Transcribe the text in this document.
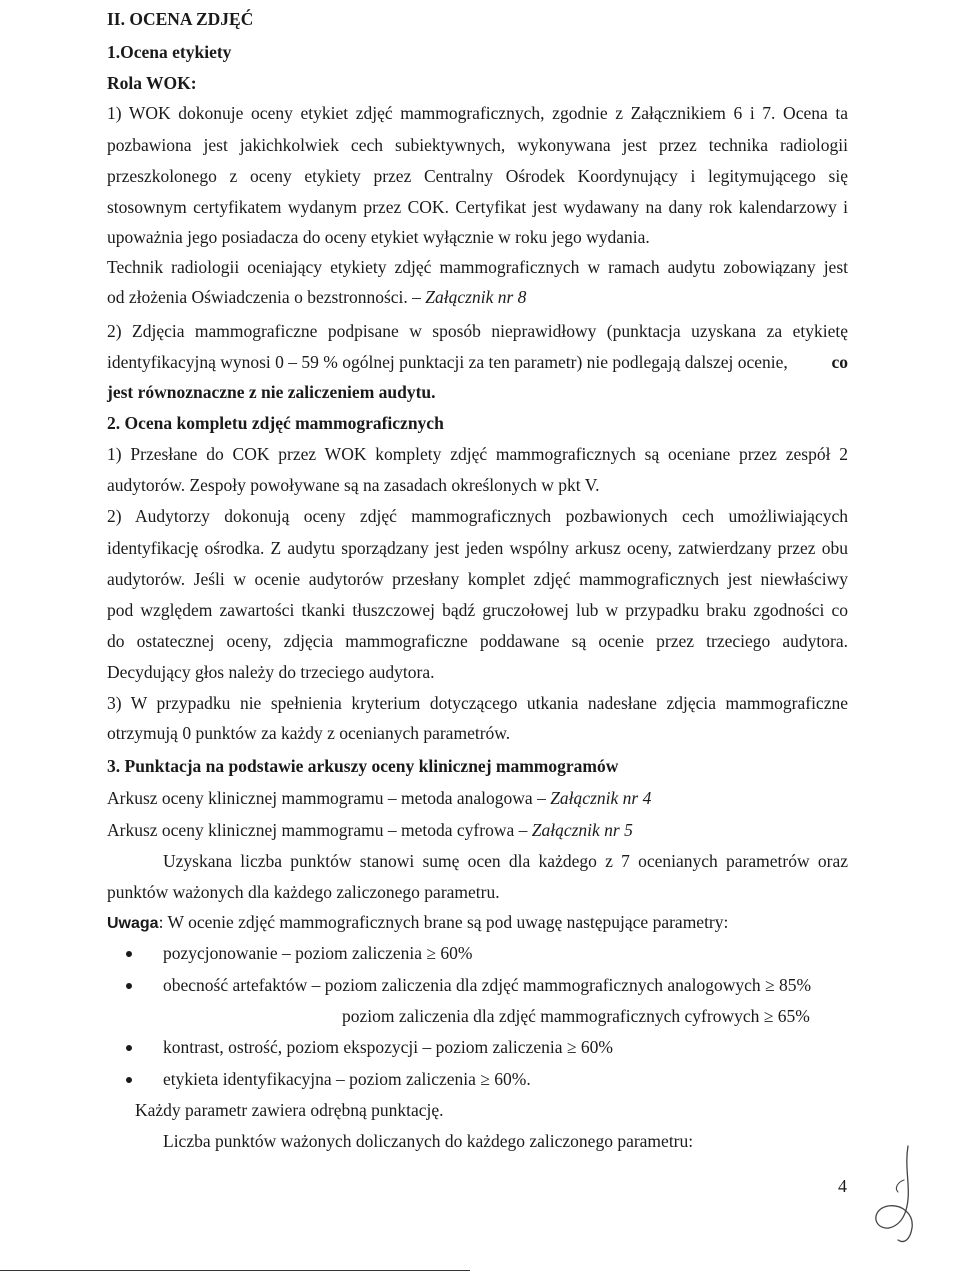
II. OCENA ZDJĘĆ
1.Ocena etykiety
Rola WOK:
1) WOK dokonuje oceny etykiet zdjęć mammograficznych, zgodnie z Załącznikiem 6 i 7. Ocena ta
pozbawiona jest jakichkolwiek cech subiektywnych, wykonywana jest przez technika radiologii
przeszkolonego z oceny etykiety przez Centralny Ośrodek Koordynujący i legitymującego się
stosownym certyfikatem wydanym przez COK. Certyfikat jest wydawany na dany rok kalendarzowy i
upoważnia jego posiadacza do oceny etykiet wyłącznie w roku jego wydania.
Technik radiologii oceniający etykiety zdjęć mammograficznych w ramach audytu zobowiązany jest
od złożenia Oświadczenia o bezstronności. – Załącznik nr 8
2) Zdjęcia mammograficzne podpisane w sposób nieprawidłowy (punktacja uzyskana za etykietę
identyfikacyjną wynosi 0 – 59 % ogólnej punktacji za ten parametr) nie podlegają dalszej ocenie, co
jest równoznaczne z nie zaliczeniem audytu.
2. Ocena kompletu zdjęć mammograficznych
1) Przesłane do COK przez WOK komplety zdjęć mammograficznych są oceniane przez zespół 2
audytorów. Zespoły powoływane są na zasadach określonych w pkt V.
2) Audytorzy dokonują oceny zdjęć mammograficznych pozbawionych cech umożliwiających
identyfikację ośrodka. Z audytu sporządzany jest jeden wspólny arkusz oceny, zatwierdzany przez obu
audytorów. Jeśli w ocenie audytorów przesłany komplet zdjęć mammograficznych jest niewłaściwy
pod względem zawartości tkanki tłuszczowej bądź gruczołowej lub w przypadku braku zgodności co
do ostatecznej oceny, zdjęcia mammograficzne poddawane są ocenie przez trzeciego audytora.
Decydujący głos należy do trzeciego audytora.
3) W przypadku nie spełnienia kryterium dotyczącego utkania nadesłane zdjęcia mammograficzne
otrzymują 0 punktów za każdy z ocenianych parametrów.
3. Punktacja na podstawie arkuszy oceny klinicznej mammogramów
Arkusz oceny klinicznej mammogramu – metoda analogowa – Załącznik nr 4
Arkusz oceny klinicznej mammogramu – metoda cyfrowa – Załącznik nr 5
Uzyskana liczba punktów stanowi sumę ocen dla każdego z 7 ocenianych parametrów oraz
punktów ważonych dla każdego zaliczonego parametru.
Uwaga: W ocenie zdjęć mammograficznych brane są pod uwagę następujące parametry:
pozycjonowanie – poziom zaliczenia ≥ 60%
obecność artefaktów – poziom zaliczenia dla zdjęć mammograficznych analogowych ≥ 85%
poziom zaliczenia dla zdjęć mammograficznych cyfrowych ≥ 65%
kontrast, ostrość, poziom ekspozycji – poziom zaliczenia ≥ 60%
etykieta identyfikacyjna – poziom zaliczenia ≥ 60%.
Każdy parametr zawiera odrębną punktację.
Liczba punktów ważonych doliczanych do każdego zaliczonego parametru:
4
